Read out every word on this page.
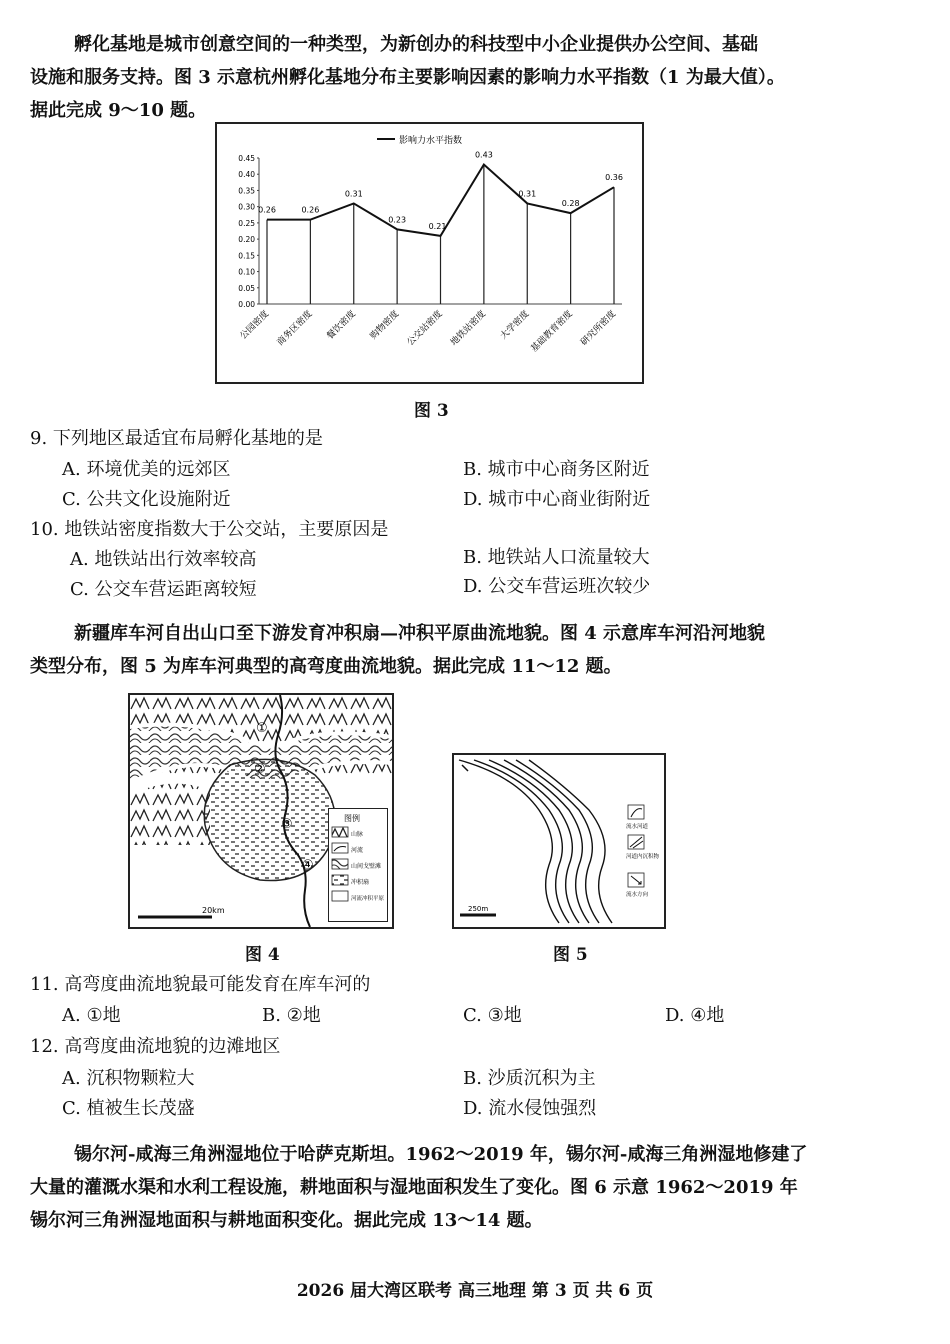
孵化基地是城市创意空间的一种类型，为新创办的科技型中小企业提供办公空间、基础
设施和服务支持。图 3 示意杭州孵化基地分布主要影响因素的影响力水平指数（1 为最大值）。
据此完成 9～10 题。
影响力水平指数
0.45
0.40
0.35
0.30
0.25
0.20
0.15
0.10
0.05
0.00
0.26	0.26
0.31
0.23
0.21
0.43
0.31
0.28
0.36
公园密度 商务区密度 餐饮密度 购物密度 公交站密度 地铁站密度 大学密度
基础教育密度 研究所密度
图 3
9. 下列地区最适宜布局孵化基地的是
A. 环境优美的远郊区	B. 城市中心商务区附近
C. 公共文化设施附近	D. 城市中心商业街附近
10. 地铁站密度指数大于公交站，主要原因是
A. 地铁站出行效率较高	B. 地铁站人口流量较大
C. 公交车营运距离较短	D. 公交车营运班次较少
新疆库车河自出山口至下游发育冲积扇—冲积平原曲流地貌。图 4 示意库车河沿河地貌
类型分布，图 5 为库车河典型的高弯度曲流地貌。据此完成 11～12 题。
①
②
③
④
20km
图例
山脉
河流
山间戈壁滩
冲积扇
河流冲积平原
图 4
250m
流水河道
河道内沉积物
流水方向
图 5
11. 高弯度曲流地貌最可能发育在库车河的
A. ①地	B. ②地	C. ③地	D. ④地
12. 高弯度曲流地貌的边滩地区
A. 沉积物颗粒大	B. 沙质沉积为主
C. 植被生长茂盛	D. 流水侵蚀强烈
锡尔河-咸海三角洲湿地位于哈萨克斯坦。1962～2019 年，锡尔河-咸海三角洲湿地修建了
大量的灌溉水渠和水利工程设施，耕地面积与湿地面积发生了变化。图 6 示意 1962～2019 年
锡尔河三角洲湿地面积与耕地面积变化。据此完成 13～14 题。
2026 届大湾区联考 高三地理 第 3 页 共 6 页
